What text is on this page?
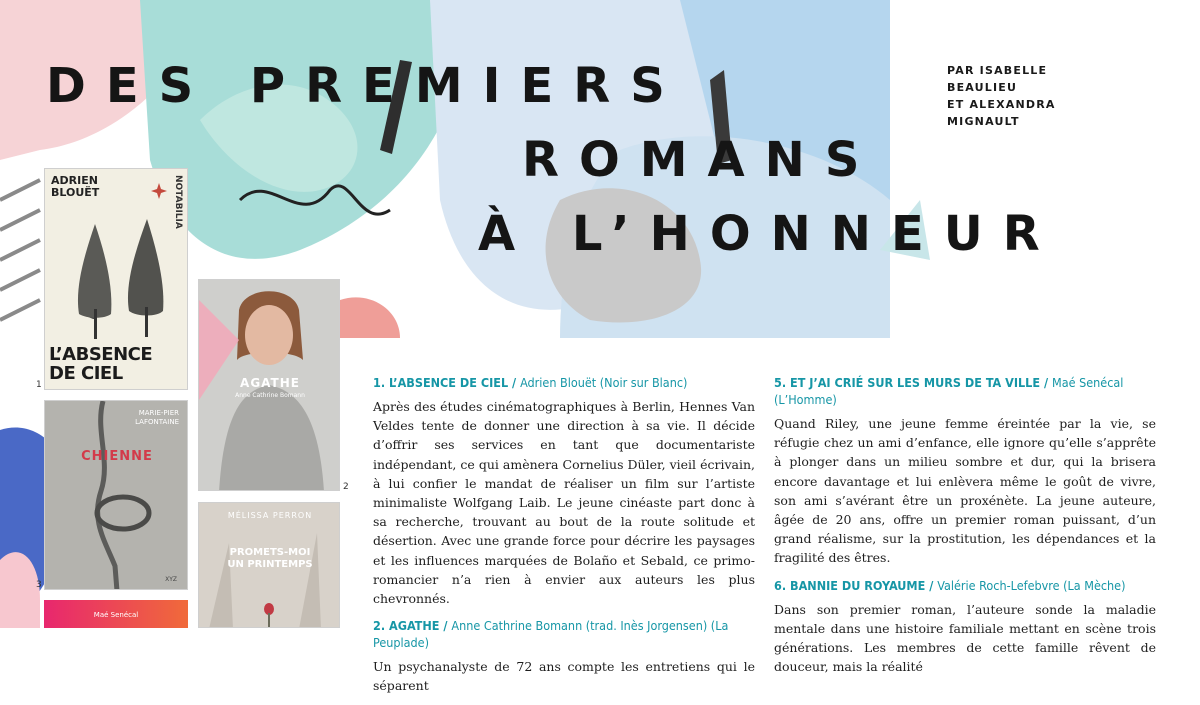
DES PREMIERS
ROMANS
À L’HONNEUR
PAR ISABELLE
BEAULIEU
ET ALEXANDRA
MIGNAULT
ADRIEN
BLOUËT	NOTABILIA
L’ABSENCE
DE CIEL
1	AGATHE
Anne Cathrine Bomann
2
MARIE-PIER
LAFONTAINE
CHIENNE
XYZ
3
MÉLISSA PERRON
PROMETS-MOI
UN PRINTEMPS
Maé Senécal
1. L’ABSENCE DE CIEL / Adrien Blouët (Noir sur Blanc)

Après des études cinématographiques à Berlin, Hennes Van Veldes tente de donner une direction à sa vie. Il décide d’offrir ses services en tant que documentariste indépendant, ce qui amènera Cornelius Düler, vieil écrivain, à lui confier le mandat de réaliser un film sur l’artiste minimaliste Wolfgang Laib. Le jeune cinéaste part donc à sa recherche, trouvant au bout de la route solitude et désertion. Avec une grande force pour décrire les paysages et les influences marquées de Bolaño et Sebald, ce primo-romancier n’a rien à envier aux auteurs les plus chevronnés.

2. AGATHE / Anne Cathrine Bomann (trad. Inès Jorgensen) (La Peuplade)

Un psychanalyste de 72 ans compte les entretiens qui le séparent

5. ET J’AI CRIÉ SUR LES MURS DE TA VILLE / Maé Senécal (L’Homme)

Quand Riley, une jeune femme éreintée par la vie, se réfugie chez un ami d’enfance, elle ignore qu’elle s’apprête à plonger dans un milieu sombre et dur, qui la brisera encore davantage et lui enlèvera même le goût de vivre, son ami s’avérant être un proxénète. La jeune auteure, âgée de 20 ans, offre un premier roman puissant, d’un grand réalisme, sur la prostitution, les dépendances et la fragilité des êtres.

6. BANNIE DU ROYAUME / Valérie Roch-Lefebvre (La Mèche)

Dans son premier roman, l’auteure sonde la maladie mentale dans une histoire familiale mettant en scène trois générations. Les membres de cette famille rêvent de douceur, mais la réalité
